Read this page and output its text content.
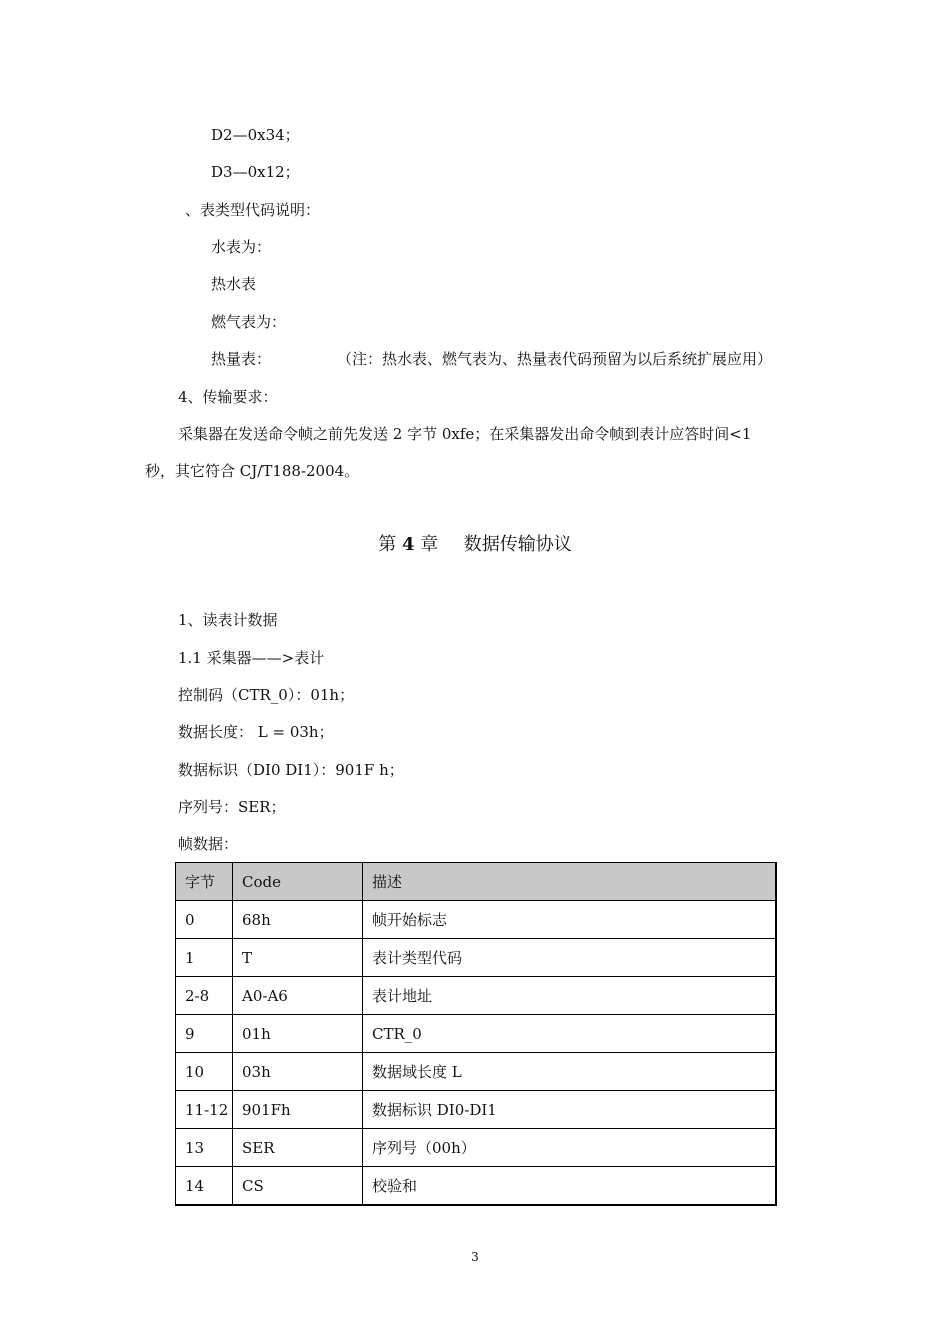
D2—0x34；
D3—0x12；
、表类型代码说明：
水表为：
热水表
燃气表为：
热量表：	（注：热水表、燃气表为、热量表代码预留为以后系统扩展应用）
4、传输要求：
采集器在发送命令帧之前先发送 2 字节 0xfe；在采集器发出命令帧到表计应答时间<1
秒，其它符合 CJ/T188-2004。
第 4 章 数据传输协议
1、读表计数据
1.1 采集器——>表计
控制码（CTR_0）：01h；
数据长度： L = 03h；
数据标识（DI0 DI1）：901F h；
序列号：SER；
帧数据：
字节	Code	描述
0	68h	帧开始标志
1	T	表计类型代码
2-8	A0-A6	表计地址
9	01h	CTR_0
10	03h	数据域长度 L
11-12	901Fh	数据标识 DI0-DI1
13	SER	序列号（00h）
14	CS	校验和
3
